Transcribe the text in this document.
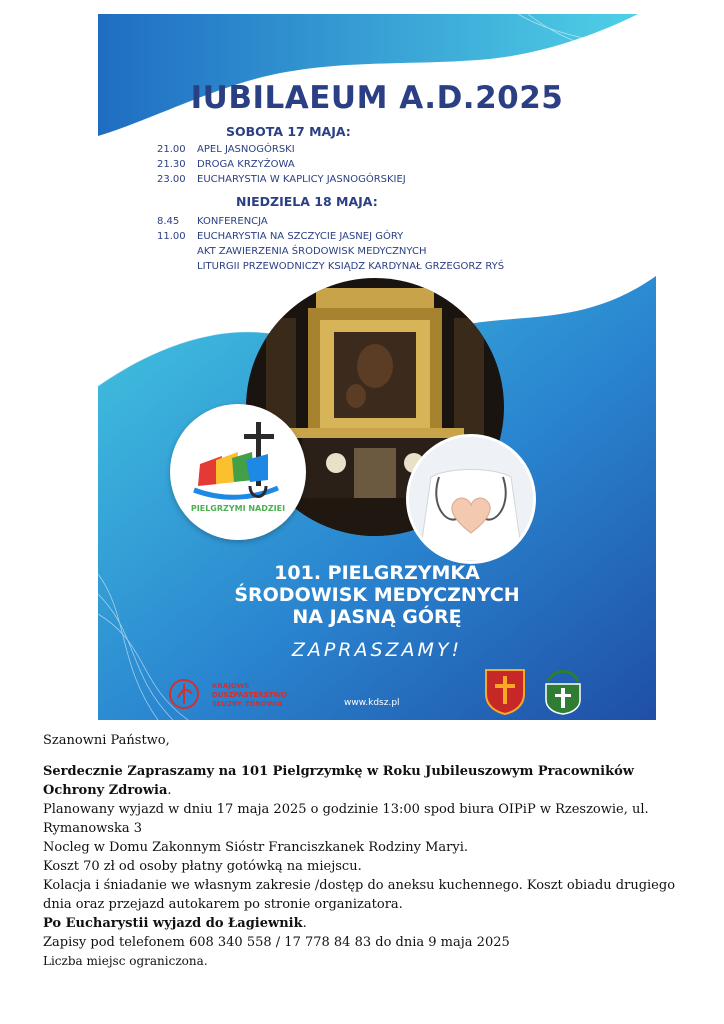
IUBILAEUM A.D.2025
SOBOTA 17 MAJA:
21.00	APEL JASNOGÓRSKI
21.30	DROGA KRZYŻOWA
23.00	EUCHARYSTIA W KAPLICY JASNOGÓRSKIEJ
NIEDZIELA 18 MAJA:
8.45	KONFERENCJA
11.00	EUCHARYSTIA NA SZCZYCIE JASNEJ GÓRY
AKT ZAWIERZENIA ŚRODOWISK MEDYCZNYCH
LITURGII PRZEWODNICZY KSIĄDZ KARDYNAŁ GRZEGORZ RYŚ
PIELGRZYMI NADZIEI
101. PIELGRZYMKA
ŚRODOWISK MEDYCZNYCH
NA JASNĄ GÓRĘ
ZAPRASZAMY!
KRAJOWE
DUSZPASTERSTWO
SŁUŻBY ZDROWIA	www.kdsz.pl

Szanowni Państwo,

Serdecznie Zapraszamy na 101 Pielgrzymkę w Roku Jubileuszowym Pracowników Ochrony Zdrowia.

Planowany wyjazd w dniu 17 maja 2025 o godzinie 13:00 spod biura OIPiP w Rzeszowie, ul. Rymanowska 3

Nocleg w Domu Zakonnym Sióstr Franciszkanek Rodziny Maryi.

Koszt 70 zł od osoby płatny gotówką na miejscu.

Kolacja i śniadanie we własnym zakresie /dostęp do aneksu kuchennego. Koszt obiadu drugiego dnia oraz przejazd autokarem po stronie organizatora.

Po Eucharystii wyjazd do Łagiewnik.

Zapisy pod telefonem 608 340 558 / 17 778 84 83 do dnia 9 maja 2025

Liczba miejsc ograniczona.
